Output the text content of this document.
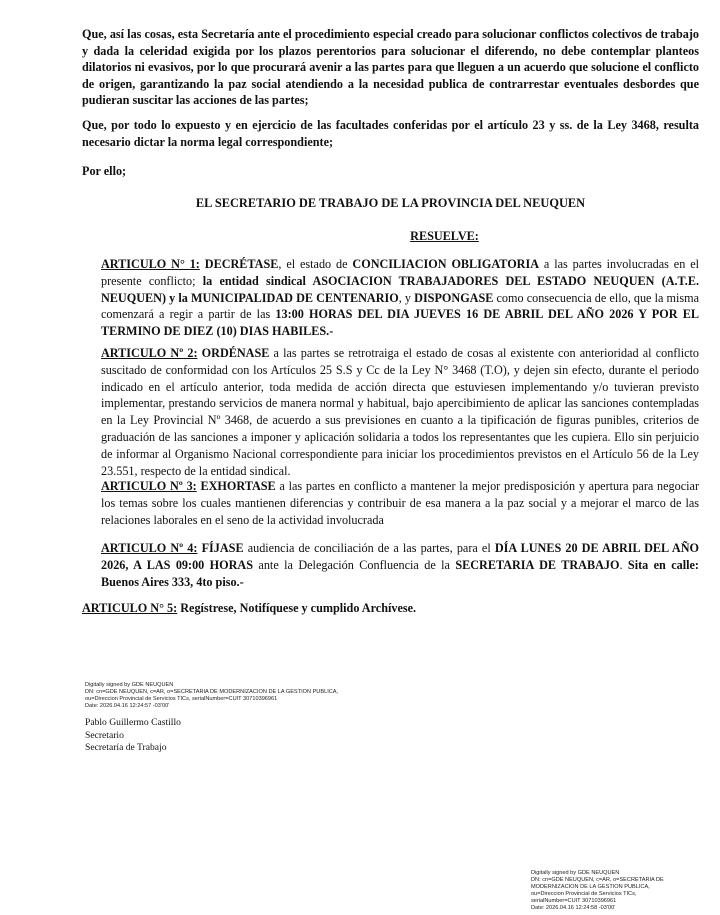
Que, así las cosas, esta Secretaría ante el procedimiento especial creado para solucionar conflictos colectivos de trabajo y dada la celeridad exigida por los plazos perentorios para solucionar el diferendo, no debe contemplar planteos dilatorios ni evasivos, por lo que procurará avenir a las partes para que lleguen a un acuerdo que solucione el conflicto de origen, garantizando la paz social atendiendo a la necesidad publica de contrarrestar eventuales desbordes que pudieran suscitar las acciones de las partes;

Que, por todo lo expuesto y en ejercicio de las facultades conferidas por el artículo 23 y ss. de la Ley 3468, resulta necesario dictar la norma legal correspondiente;

Por ello;

EL SECRETARIO DE TRABAJO DE LA PROVINCIA DEL NEUQUEN

RESUELVE:

ARTICULO N° 1: DECRÉTASE, el estado de CONCILIACION OBLIGATORIA a las partes involucradas en el presente conflicto; la entidad sindical ASOCIACION TRABAJADORES DEL ESTADO NEUQUEN (A.T.E. NEUQUEN) y la MUNICIPALIDAD DE CENTENARIO, y DISPONGASE como consecuencia de ello, que la misma comenzará a regir a partir de las 13:00 HORAS DEL DIA JUEVES 16 DE ABRIL DEL AÑO 2026 Y POR EL TERMINO DE DIEZ (10) DIAS HABILES.-

ARTICULO Nº 2: ORDÉNASE a las partes se retrotraiga el estado de cosas al existente con anterioridad al conflicto suscitado de conformidad con los Artículos 25 S.S y Cc de la Ley N° 3468 (T.O), y dejen sin efecto, durante el periodo indicado en el artículo anterior, toda medida de acción directa que estuviesen implementando y/o tuvieran previsto implementar, prestando servicios de manera normal y habitual, bajo apercibimiento de aplicar las sanciones contempladas en la Ley Provincial Nº 3468, de acuerdo a sus previsiones en cuanto a la tipificación de figuras punibles, criterios de graduación de las sanciones a imponer y aplicación solidaria a todos los representantes que les cupiera. Ello sin perjuicio de informar al Organismo Nacional correspondiente para iniciar los procedimientos previstos en el Artículo 56 de la Ley 23.551, respecto de la entidad sindical.

ARTICULO Nº 3: EXHORTASE a las partes en conflicto a mantener la mejor predisposición y apertura para negociar los temas sobre los cuales mantienen diferencias y contribuir de esa manera a la paz social y a mejorar el marco de las relaciones laborales en el seno de la actividad involucrada

ARTICULO Nº 4: FÍJASE audiencia de conciliación de a las partes, para el DÍA LUNES 20 DE ABRIL DEL AÑO 2026, A LAS 09:00 HORAS ante la Delegación Confluencia de la SECRETARIA DE TRABAJO. Sita en calle: Buenos Aires 333, 4to piso.-

ARTICULO N° 5: Regístrese, Notifíquese y cumplido Archívese.

Digitally signed by GDE NEUQUEN
DN: cn=GDE NEUQUEN, c=AR, o=SECRETARIA DE MODERNIZACION DE LA GESTION PUBLICA,
ou=Direccion Provincial de Servicios TICs, serialNumber=CUIT 30710396961
Date: 2026.04.16 12:24:57 -03'00'
Pablo Guillermo Castillo
Secretario
Secretaría de Trabajo
Digitally signed by GDE NEUQUEN
DN: cn=GDE NEUQUEN, c=AR, o=SECRETARIA DE
MODERNIZACION DE LA GESTION PUBLICA,
ou=Direccion Provincial de Servicios TICs,
serialNumber=CUIT 30710396961
Date: 2026.04.16 12:24:58 -03'00'
